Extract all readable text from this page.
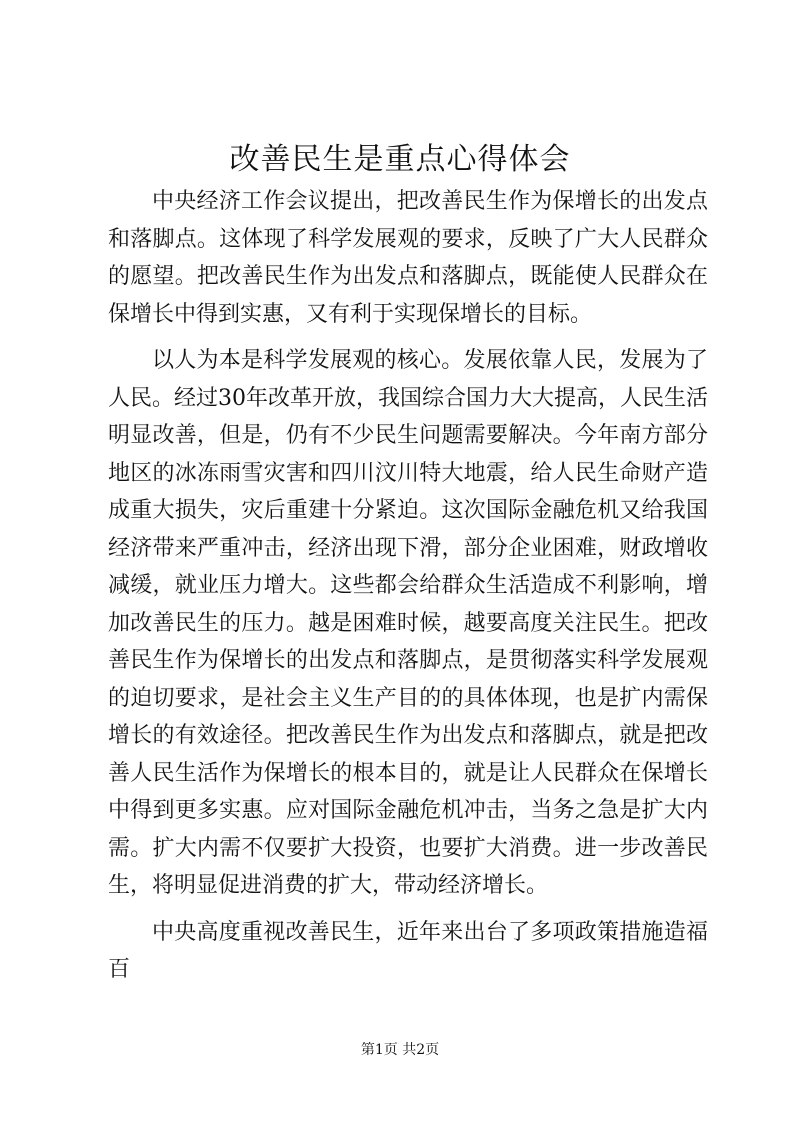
改善民生是重点心得体会

中央经济工作会议提出，把改善民生作为保增长的出发点和落脚点。这体现了科学发展观的要求，反映了广大人民群众的愿望。把改善民生作为出发点和落脚点，既能使人民群众在保增长中得到实惠，又有利于实现保增长的目标。

以人为本是科学发展观的核心。发展依靠人民，发展为了人民。经过30年改革开放，我国综合国力大大提高，人民生活明显改善，但是，仍有不少民生问题需要解决。今年南方部分地区的冰冻雨雪灾害和四川汶川特大地震，给人民生命财产造成重大损失，灾后重建十分紧迫。这次国际金融危机又给我国经济带来严重冲击，经济出现下滑，部分企业困难，财政增收减缓，就业压力增大。这些都会给群众生活造成不利影响，增加改善民生的压力。越是困难时候，越要高度关注民生。把改善民生作为保增长的出发点和落脚点，是贯彻落实科学发展观的迫切要求，是社会主义生产目的的具体体现，也是扩内需保增长的有效途径。把改善民生作为出发点和落脚点，就是把改善人民生活作为保增长的根本目的，就是让人民群众在保增长中得到更多实惠。应对国际金融危机冲击，当务之急是扩大内需。扩大内需不仅要扩大投资，也要扩大消费。进一步改善民生，将明显促进消费的扩大，带动经济增长。

中央高度重视改善民生，近年来出台了多项政策措施造福百

第1页 共2页
